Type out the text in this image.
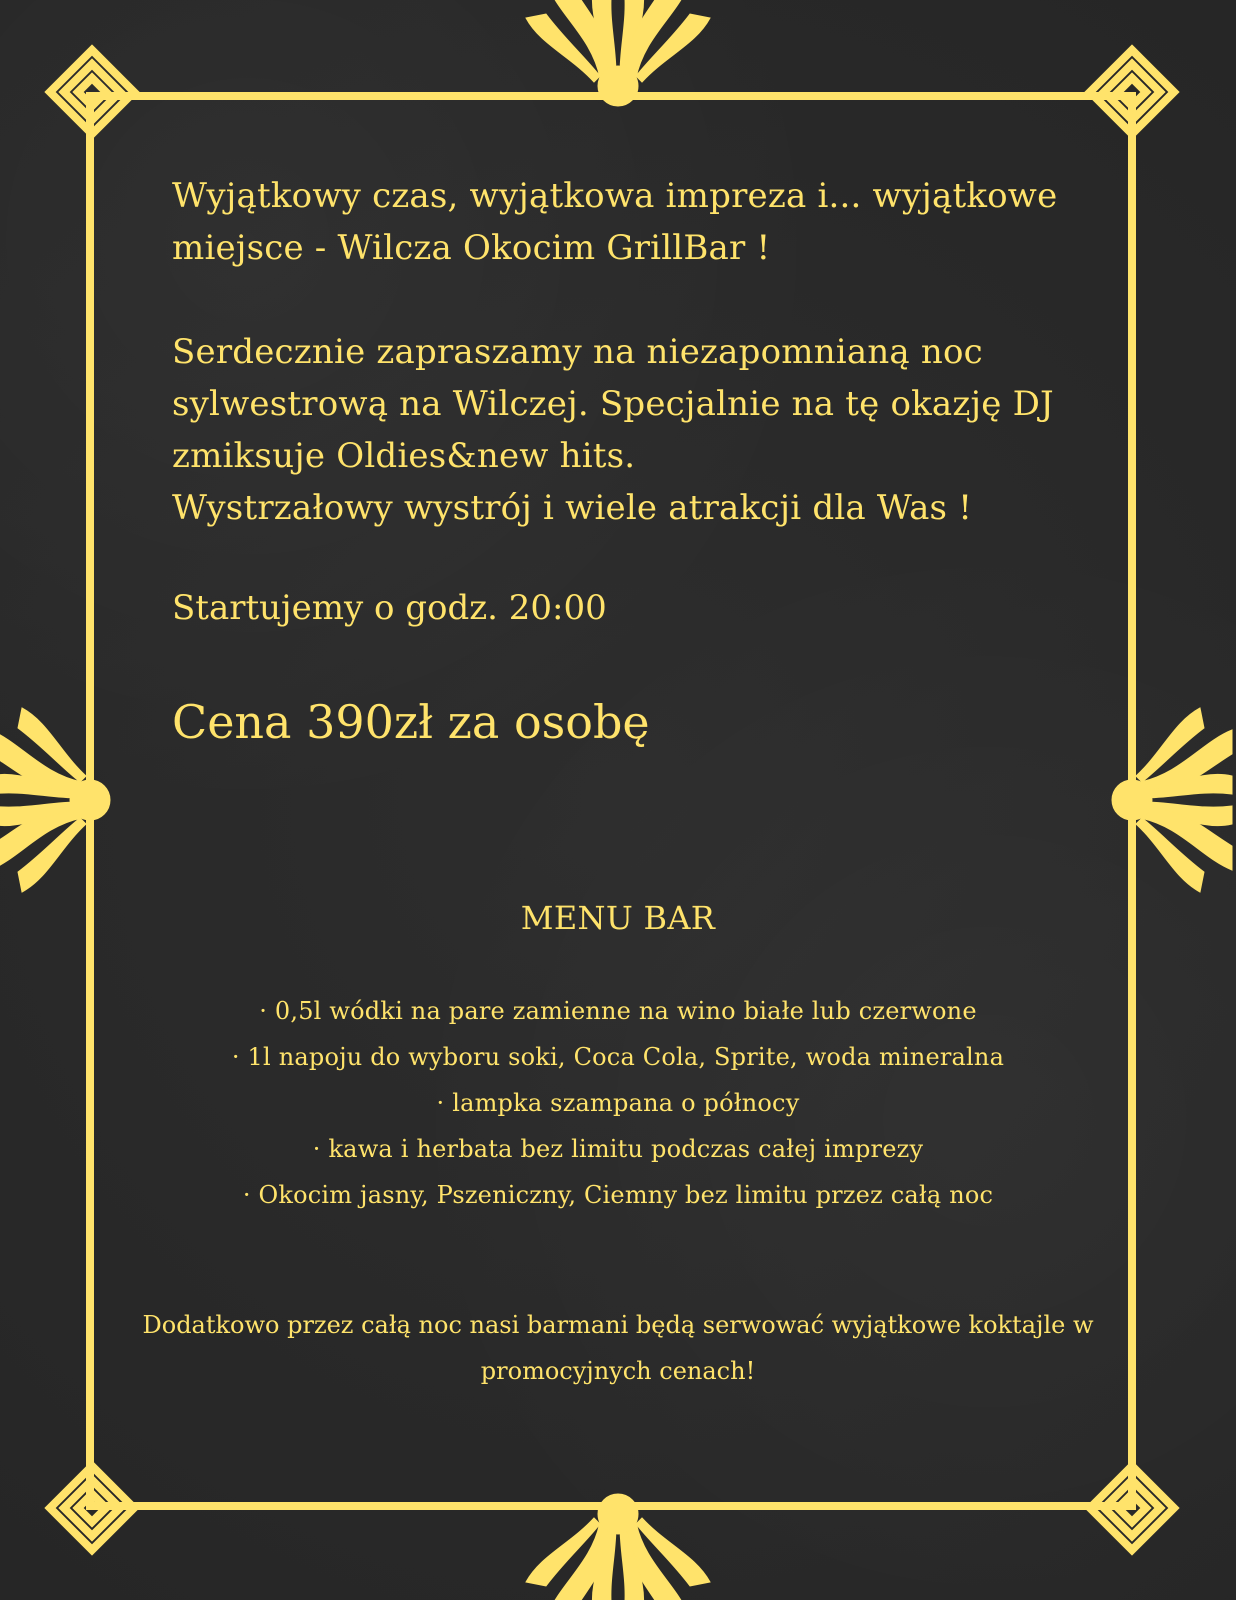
Wyjątkowy czas, wyjątkowa impreza i... wyjątkowe
miejsce - Wilcza Okocim GrillBar !

Serdecznie zapraszamy na niezapomnianą noc
sylwestrową na Wilczej. Specjalnie na tę okazję DJ
zmiksuje Oldies&new hits.
Wystrzałowy wystrój i wiele atrakcji dla Was !
Startujemy o godz. 20:00
Cena 390zł za osobę
MENU BAR
· 0,5l wódki na pare zamienne na wino białe lub czerwone
· 1l napoju do wyboru soki, Coca Cola, Sprite, woda mineralna
· lampka szampana o północy
· kawa i herbata bez limitu podczas całej imprezy
· Okocim jasny, Pszeniczny, Ciemny bez limitu przez całą noc
Dodatkowo przez całą noc nasi barmani będą serwować wyjątkowe koktajle w
promocyjnych cenach!
